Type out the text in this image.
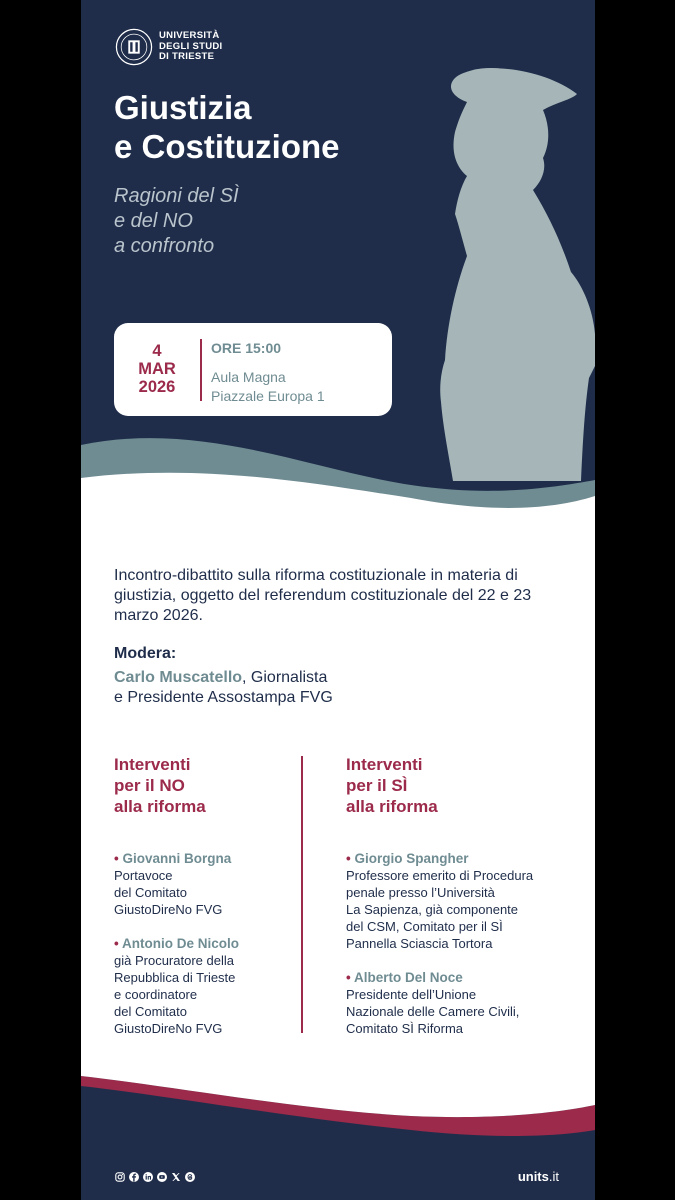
UNIVERSITÀ
DEGLI STUDI
DI TRIESTE
Giustizia
e Costituzione

Ragioni del SÌ
e del NO
a confronto

4
MAR
2026
ORE 15:00
Aula Magna
Piazzale Europa 1

Incontro-dibattito sulla riforma costituzionale in materia di giustizia, oggetto del referendum costituzionale del 22 e 23 marzo 2026.

Modera:
Carlo Muscatello, Giornalista
e Presidente Assostampa FVG
Interventi
per il NO
alla riforma
• Giovanni Borgna
Portavoce
del Comitato
GiustoDireNo FVG
• Antonio De Nicolo
già Procuratore della
Repubblica di Trieste
e coordinatore
del Comitato
GiustoDireNo FVG
Interventi
per il SÌ
alla riforma
• Giorgio Spangher
Professore emerito di Procedura
penale presso l’Università
La Sapienza, già componente
del CSM, Comitato per il SÌ
Pannella Sciascia Tortora
• Alberto Del Noce
Presidente dell’Unione
Nazionale delle Camere Civili,
Comitato SÌ Riforma
units.it
